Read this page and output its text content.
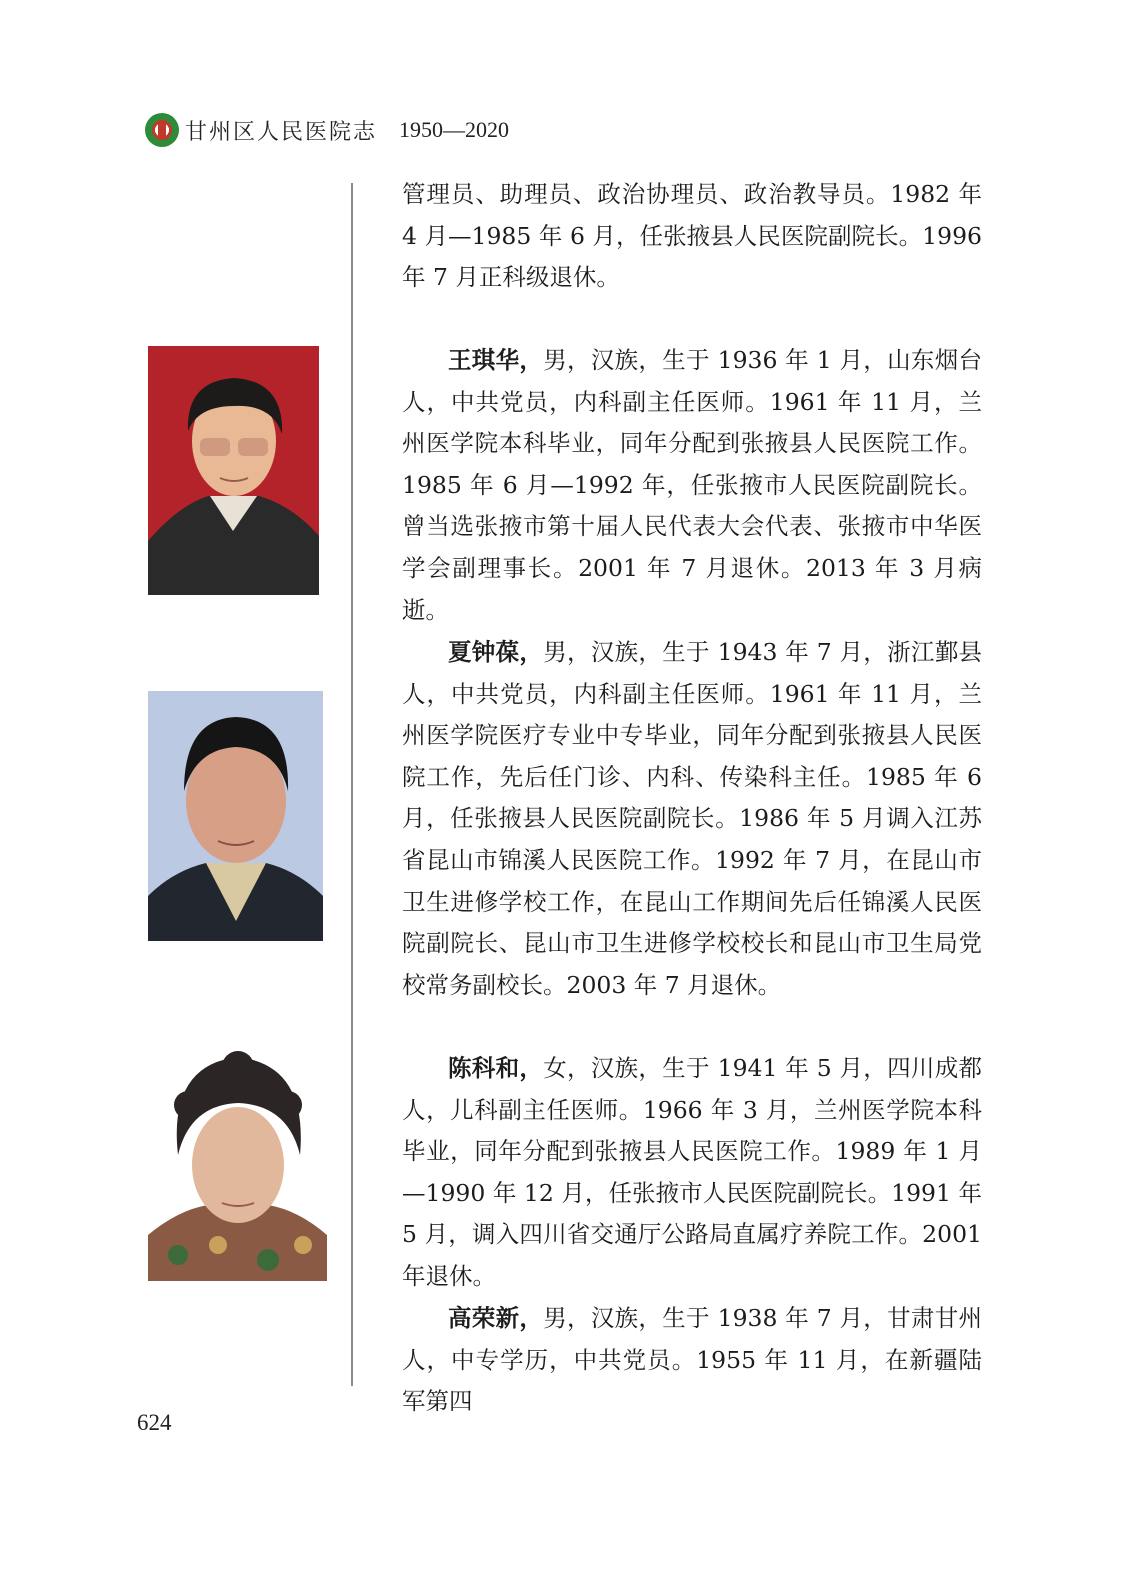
甘州区人民医院志 1950—2020

管理员、助理员、政治协理员、政治教导员。1982 年 4 月—1985 年 6 月，任张掖县人民医院副院长。1996 年 7 月正科级退休。

王琪华，男，汉族，生于 1936 年 1 月，山东烟台人，中共党员，内科副主任医师。1961 年 11 月，兰州医学院本科毕业，同年分配到张掖县人民医院工作。1985 年 6 月—1992 年，任张掖市人民医院副院长。曾当选张掖市第十届人民代表大会代表、张掖市中华医学会副理事长。2001 年 7 月退休。2013 年 3 月病逝。

夏钟葆，男，汉族，生于 1943 年 7 月，浙江鄞县人，中共党员，内科副主任医师。1961 年 11 月，兰州医学院医疗专业中专毕业，同年分配到张掖县人民医院工作，先后任门诊、内科、传染科主任。1985 年 6 月，任张掖县人民医院副院长。1986 年 5 月调入江苏省昆山市锦溪人民医院工作。1992 年 7 月，在昆山市卫生进修学校工作，在昆山工作期间先后任锦溪人民医院副院长、昆山市卫生进修学校校长和昆山市卫生局党校常务副校长。2003 年 7 月退休。

陈科和，女，汉族，生于 1941 年 5 月，四川成都人，儿科副主任医师。1966 年 3 月，兰州医学院本科毕业，同年分配到张掖县人民医院工作。1989 年 1 月—1990 年 12 月，任张掖市人民医院副院长。1991 年 5 月，调入四川省交通厅公路局直属疗养院工作。2001 年退休。

高荣新，男，汉族，生于 1938 年 7 月，甘肃甘州人，中专学历，中共党员。1955 年 11 月，在新疆陆军第四

624
